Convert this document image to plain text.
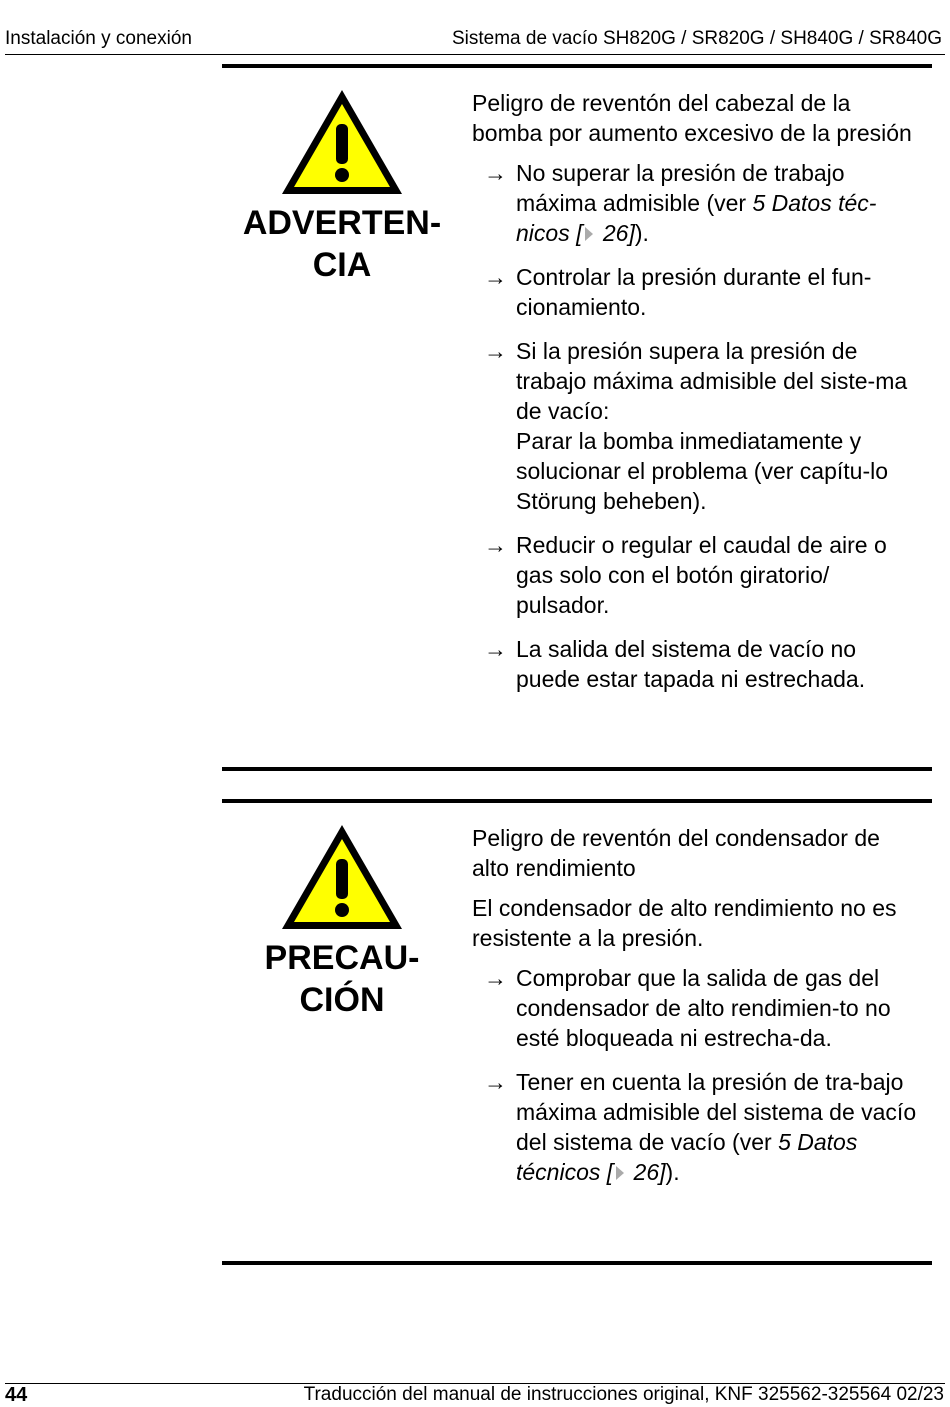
Instalación y conexión	Sistema de vacío SH820G / SR820G / SH840G / SR840G
ADVERTEN-
CIA

Peligro de reventón del cabezal de la bomba por aumento excesivo de la presión

→ No superar la presión de trabajo máxima admisible (ver 5 Datos téc-nicos [ 26]).
→ Controlar la presión durante el fun-cionamiento.
→ Si la presión supera la presión de trabajo máxima admisible del siste-ma de vacío:
Parar la bomba inmediatamente y solucionar el problema (ver capítu-lo Störung beheben).
→ Reducir o regular el caudal de aire o gas solo con el botón giratorio/ pulsador.
→ La salida del sistema de vacío no puede estar tapada ni estrechada.
PRECAU-
CIÓN

Peligro de reventón del condensador de alto rendimiento

El condensador de alto rendimiento no es resistente a la presión.

→ Comprobar que la salida de gas del condensador de alto rendimien-to no esté bloqueada ni estrecha-da.
→ Tener en cuenta la presión de tra-bajo máxima admisible del sistema de vacío del sistema de vacío (ver 5 Datos técnicos [ 26]).
44	Traducción del manual de instrucciones original, KNF 325562-325564 02/23
